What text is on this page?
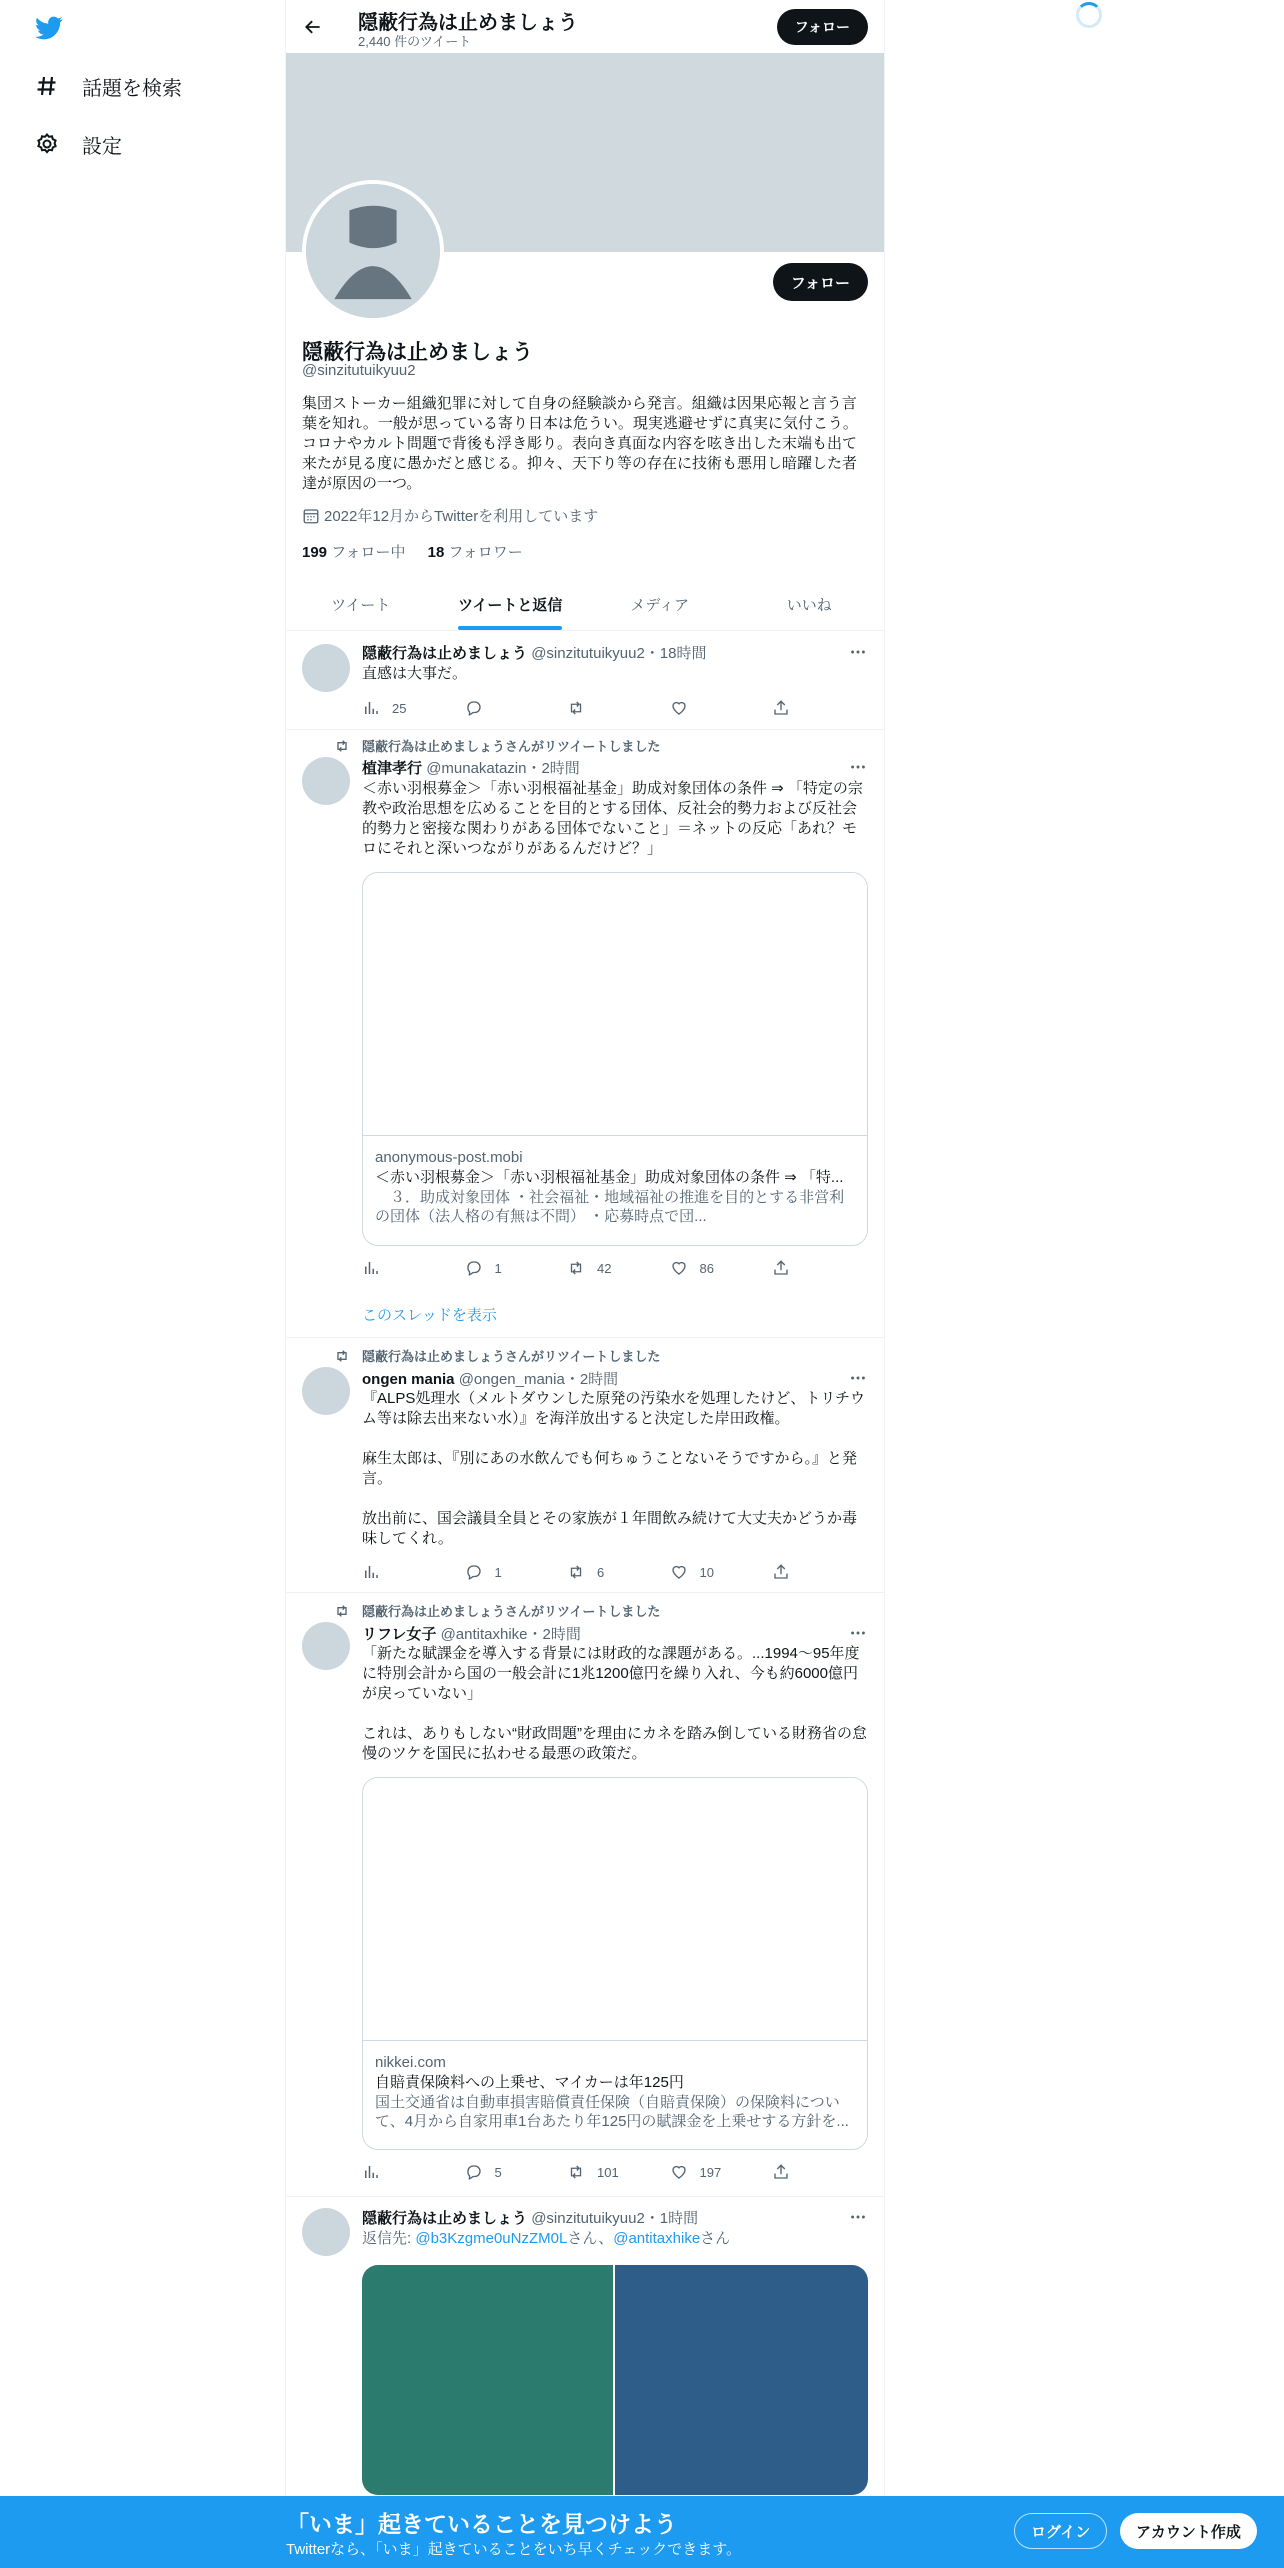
話題を検索
設定
隠蔽行為は止めましょう
2,440 件のツイート
フォロー
フォロー
隠蔽行為は止めましょう
@sinzitutuikyuu2
集団ストーカー組織犯罪に対して自身の経験談から発言。組織は因果応報と言う言葉を知れ。一般が思っている寄り日本は危うい。現実逃避せずに真実に気付こう。コロナやカルト問題で背後も浮き彫り。表向き真面な内容を呟き出した末端も出て来たが見る度に愚かだと感じる。抑々、天下り等の存在に技術も悪用し暗躍した者達が原因の一つ。
2022年12月からTwitterを利用しています
199 フォロー中 18 フォロワー
ツイート	ツイートと返信	メディア	いいね
隠蔽行為は止めましょう @sinzitutuikyuu2・18時間
直感は大事だ。
25
隠蔽行為は止めましょうさんがリツイートしました
植津孝行 @munakatazin・2時間
＜赤い羽根募金＞「赤い羽根福祉基金」助成対象団体の条件 ⇒ 「特定の宗教や政治思想を広めることを目的とする団体、反社会的勢力および反社会的勢力と密接な関わりがある団体でないこと」＝ネットの反応「あれ？モロにそれと深いつながりがあるんだけど？」
anonymous-post.mobi
＜赤い羽根募金＞「赤い羽根福祉基金」助成対象団体の条件 ⇒ 「特...
　３．助成対象団体 ・社会福祉・地域福祉の推進を目的とする非営利の団体（法人格の有無は不問） ・応募時点で団...
1	42	86
このスレッドを表示
隠蔽行為は止めましょうさんがリツイートしました
ongen mania @ongen_mania・2時間
『ALPS処理水（メルトダウンした原発の汚染水を処理したけど、トリチウム等は除去出来ない水）』を海洋放出すると決定した岸田政権。

麻生太郎は、『別にあの水飲んでも何ちゅうことないそうですから。』と発言。

放出前に、国会議員全員とその家族が１年間飲み続けて大丈夫かどうか毒味してくれ。
1	6	10
隠蔽行為は止めましょうさんがリツイートしました
リフレ女子 @antitaxhike・2時間
「新たな賦課金を導入する背景には財政的な課題がある。...1994～95年度に特別会計から国の一般会計に1兆1200億円を繰り入れ、今も約6000億円が戻っていない」

これは、ありもしない“財政問題”を理由にカネを踏み倒している財務省の怠慢のツケを国民に払わせる最悪の政策だ。
nikkei.com
自賠責保険料への上乗せ、マイカーは年125円
国土交通省は自動車損害賠償責任保険（自賠責保険）の保険料について、4月から自家用車1台あたり年125円の賦課金を上乗せする方針を...
5	101	197
隠蔽行為は止めましょう @sinzitutuikyuu2・1時間
返信先: @b3Kzgme0uNzZM0Lさん、@antitaxhikeさん
「いま」起きていることを見つけよう
Twitterなら、「いま」起きていることをいち早くチェックできます。
ログイン	アカウント作成
